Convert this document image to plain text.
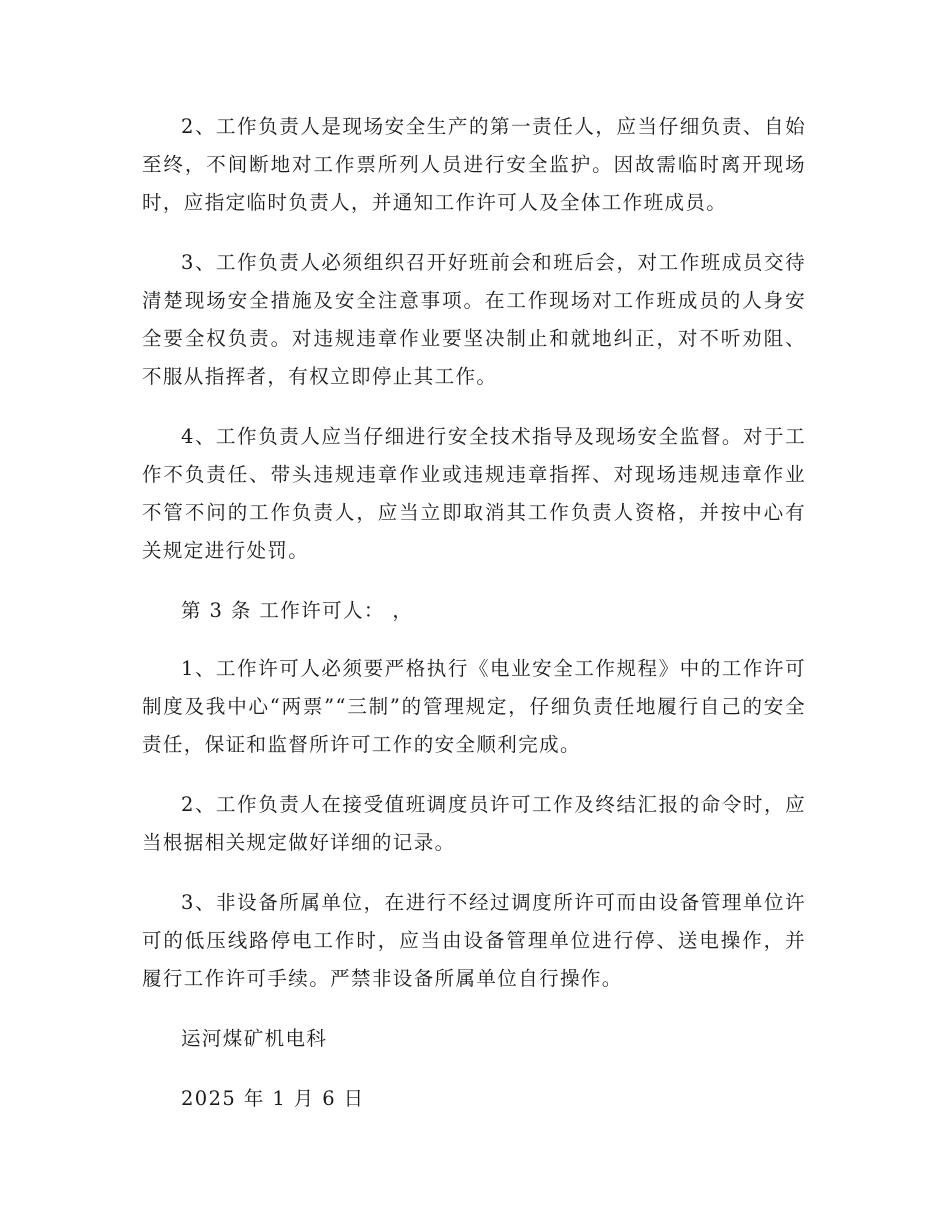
2、工作负责人是现场安全生产的第一责任人，应当仔细负责、自始至终，不间断地对工作票所列人员进行安全监护。因故需临时离开现场时，应指定临时负责人，并通知工作许可人及全体工作班成员。

3、工作负责人必须组织召开好班前会和班后会，对工作班成员交待清楚现场安全措施及安全注意事项。在工作现场对工作班成员的人身安全要全权负责。对违规违章作业要坚决制止和就地纠正，对不听劝阻、不服从指挥者，有权立即停止其工作。

4、工作负责人应当仔细进行安全技术指导及现场安全监督。对于工作不负责任、带头违规违章作业或违规违章指挥、对现场违规违章作业不管不问的工作负责人，应当立即取消其工作负责人资格，并按中心有关规定进行处罚。

第 3 条 工作许可人： ，

1、工作许可人必须要严格执行《电业安全工作规程》中的工作许可制度及我中心“两票”“三制”的管理规定，仔细负责任地履行自己的安全责任，保证和监督所许可工作的安全顺利完成。

2、工作负责人在接受值班调度员许可工作及终结汇报的命令时，应当根据相关规定做好详细的记录。

3、非设备所属单位，在进行不经过调度所许可而由设备管理单位许可的低压线路停电工作时，应当由设备管理单位进行停、送电操作，并履行工作许可手续。严禁非设备所属单位自行操作。

运河煤矿机电科

2025 年 1 月 6 日
